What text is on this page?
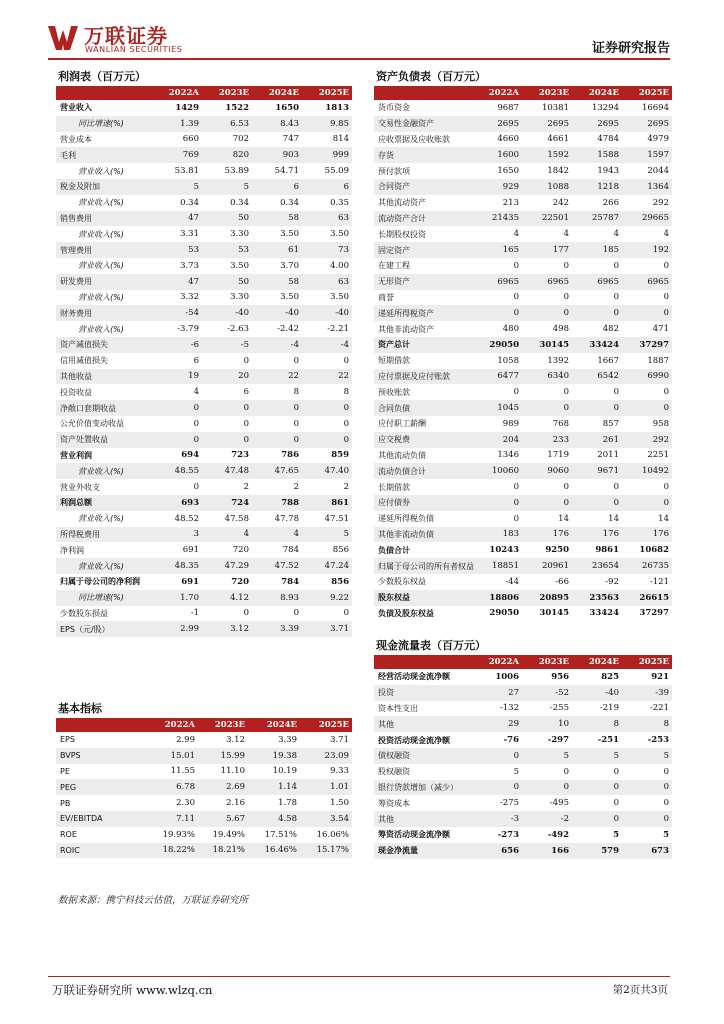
万联证券
WANLIAN SECURITIES	证券研究报告
利润表（百万元）
	2022A	2023E	2024E	2025E
营业收入	1429	1522	1650	1813
同比增速(%)	1.39	6.53	8.43	9.85
营业成本	660	702	747	814
毛利	769	820	903	999
营业收入(%)	53.81	53.89	54.71	55.09
税金及附加	5	5	6	6
营业收入(%)	0.34	0.34	0.34	0.35
销售费用	47	50	58	63
营业收入(%)	3.31	3.30	3.50	3.50
管理费用	53	53	61	73
营业收入(%)	3.73	3.50	3.70	4.00
研发费用	47	50	58	63
营业收入(%)	3.32	3.30	3.50	3.50
财务费用	-54	-40	-40	-40
营业收入(%)	-3.79	-2.63	-2.42	-2.21
资产减值损失	-6	-5	-4	-4
信用减值损失	6	0	0	0
其他收益	19	20	22	22
投资收益	4	6	8	8
净敞口套期收益	0	0	0	0
公允价值变动收益	0	0	0	0
资产处置收益	0	0	0	0
营业利润	694	723	786	859
营业收入(%)	48.55	47.48	47.65	47.40
营业外收支	0	2	2	2
利润总额	693	724	788	861
营业收入(%)	48.52	47.58	47.78	47.51
所得税费用	3	4	4	5
净利润	691	720	784	856
营业收入(%)	48.35	47.29	47.52	47.24
归属于母公司的净利润	691	720	784	856
同比增速(%)	1.70	4.12	8.93	9.22
少数股东损益	-1	0	0	0
EPS（元/股）	2.99	3.12	3.39	3.71
资产负债表（百万元）
	2022A	2023E	2024E	2025E
货币资金	9687	10381	13294	16694
交易性金融资产	2695	2695	2695	2695
应收票据及应收账款	4660	4661	4784	4979
存货	1600	1592	1588	1597
预付款项	1650	1842	1943	2044
合同资产	929	1088	1218	1364
其他流动资产	213	242	266	292
流动资产合计	21435	22501	25787	29665
长期股权投资	4	4	4	4
固定资产	165	177	185	192
在建工程	0	0	0	0
无形资产	6965	6965	6965	6965
商誉	0	0	0	0
递延所得税资产	0	0	0	0
其他非流动资产	480	498	482	471
资产总计	29050	30145	33424	37297
短期借款	1058	1392	1667	1887
应付票据及应付账款	6477	6340	6542	6990
预收账款	0	0	0	0
合同负债	1045	0	0	0
应付职工薪酬	989	768	857	958
应交税费	204	233	261	292
其他流动负债	1346	1719	2011	2251
流动负债合计	10060	9060	9671	10492
长期借款	0	0	0	0
应付债券	0	0	0	0
递延所得税负债	0	14	14	14
其他非流动负债	183	176	176	176
负债合计	10243	9250	9861	10682
归属于母公司的所有者权益	18851	20961	23654	26735
少数股东权益	-44	-66	-92	-121
股东权益	18806	20895	23563	26615
负债及股东权益	29050	30145	33424	37297
现金流量表（百万元）
	2022A	2023E	2024E	2025E
经营活动现金流净额	1006	956	825	921
投资	27	-52	-40	-39
资本性支出	-132	-255	-219	-221
其他	29	10	8	8
投资活动现金流净额	-76	-297	-251	-253
债权融资	0	5	5	5
股权融资	5	0	0	0
银行贷款增加（减少）	0	0	0	0
筹资成本	-275	-495	0	0
其他	-3	-2	0	0
筹资活动现金流净额	-273	-492	5	5
现金净流量	656	166	579	673
基本指标
	2022A	2023E	2024E	2025E
EPS	2.99	3.12	3.39	3.71
BVPS	15.01	15.99	19.38	23.09
PE	11.55	11.10	10.19	9.33
PEG	6.78	2.69	1.14	1.01
PB	2.30	2.16	1.78	1.50
EV/EBITDA	7.11	5.67	4.58	3.54
ROE	19.93%	19.49%	17.51%	16.06%
ROIC	18.22%	18.21%	16.46%	15.17%
数据来源：携宁科技云估值，万联证券研究所
万联证券研究所 www.wlzq.cn	第2页共3页
